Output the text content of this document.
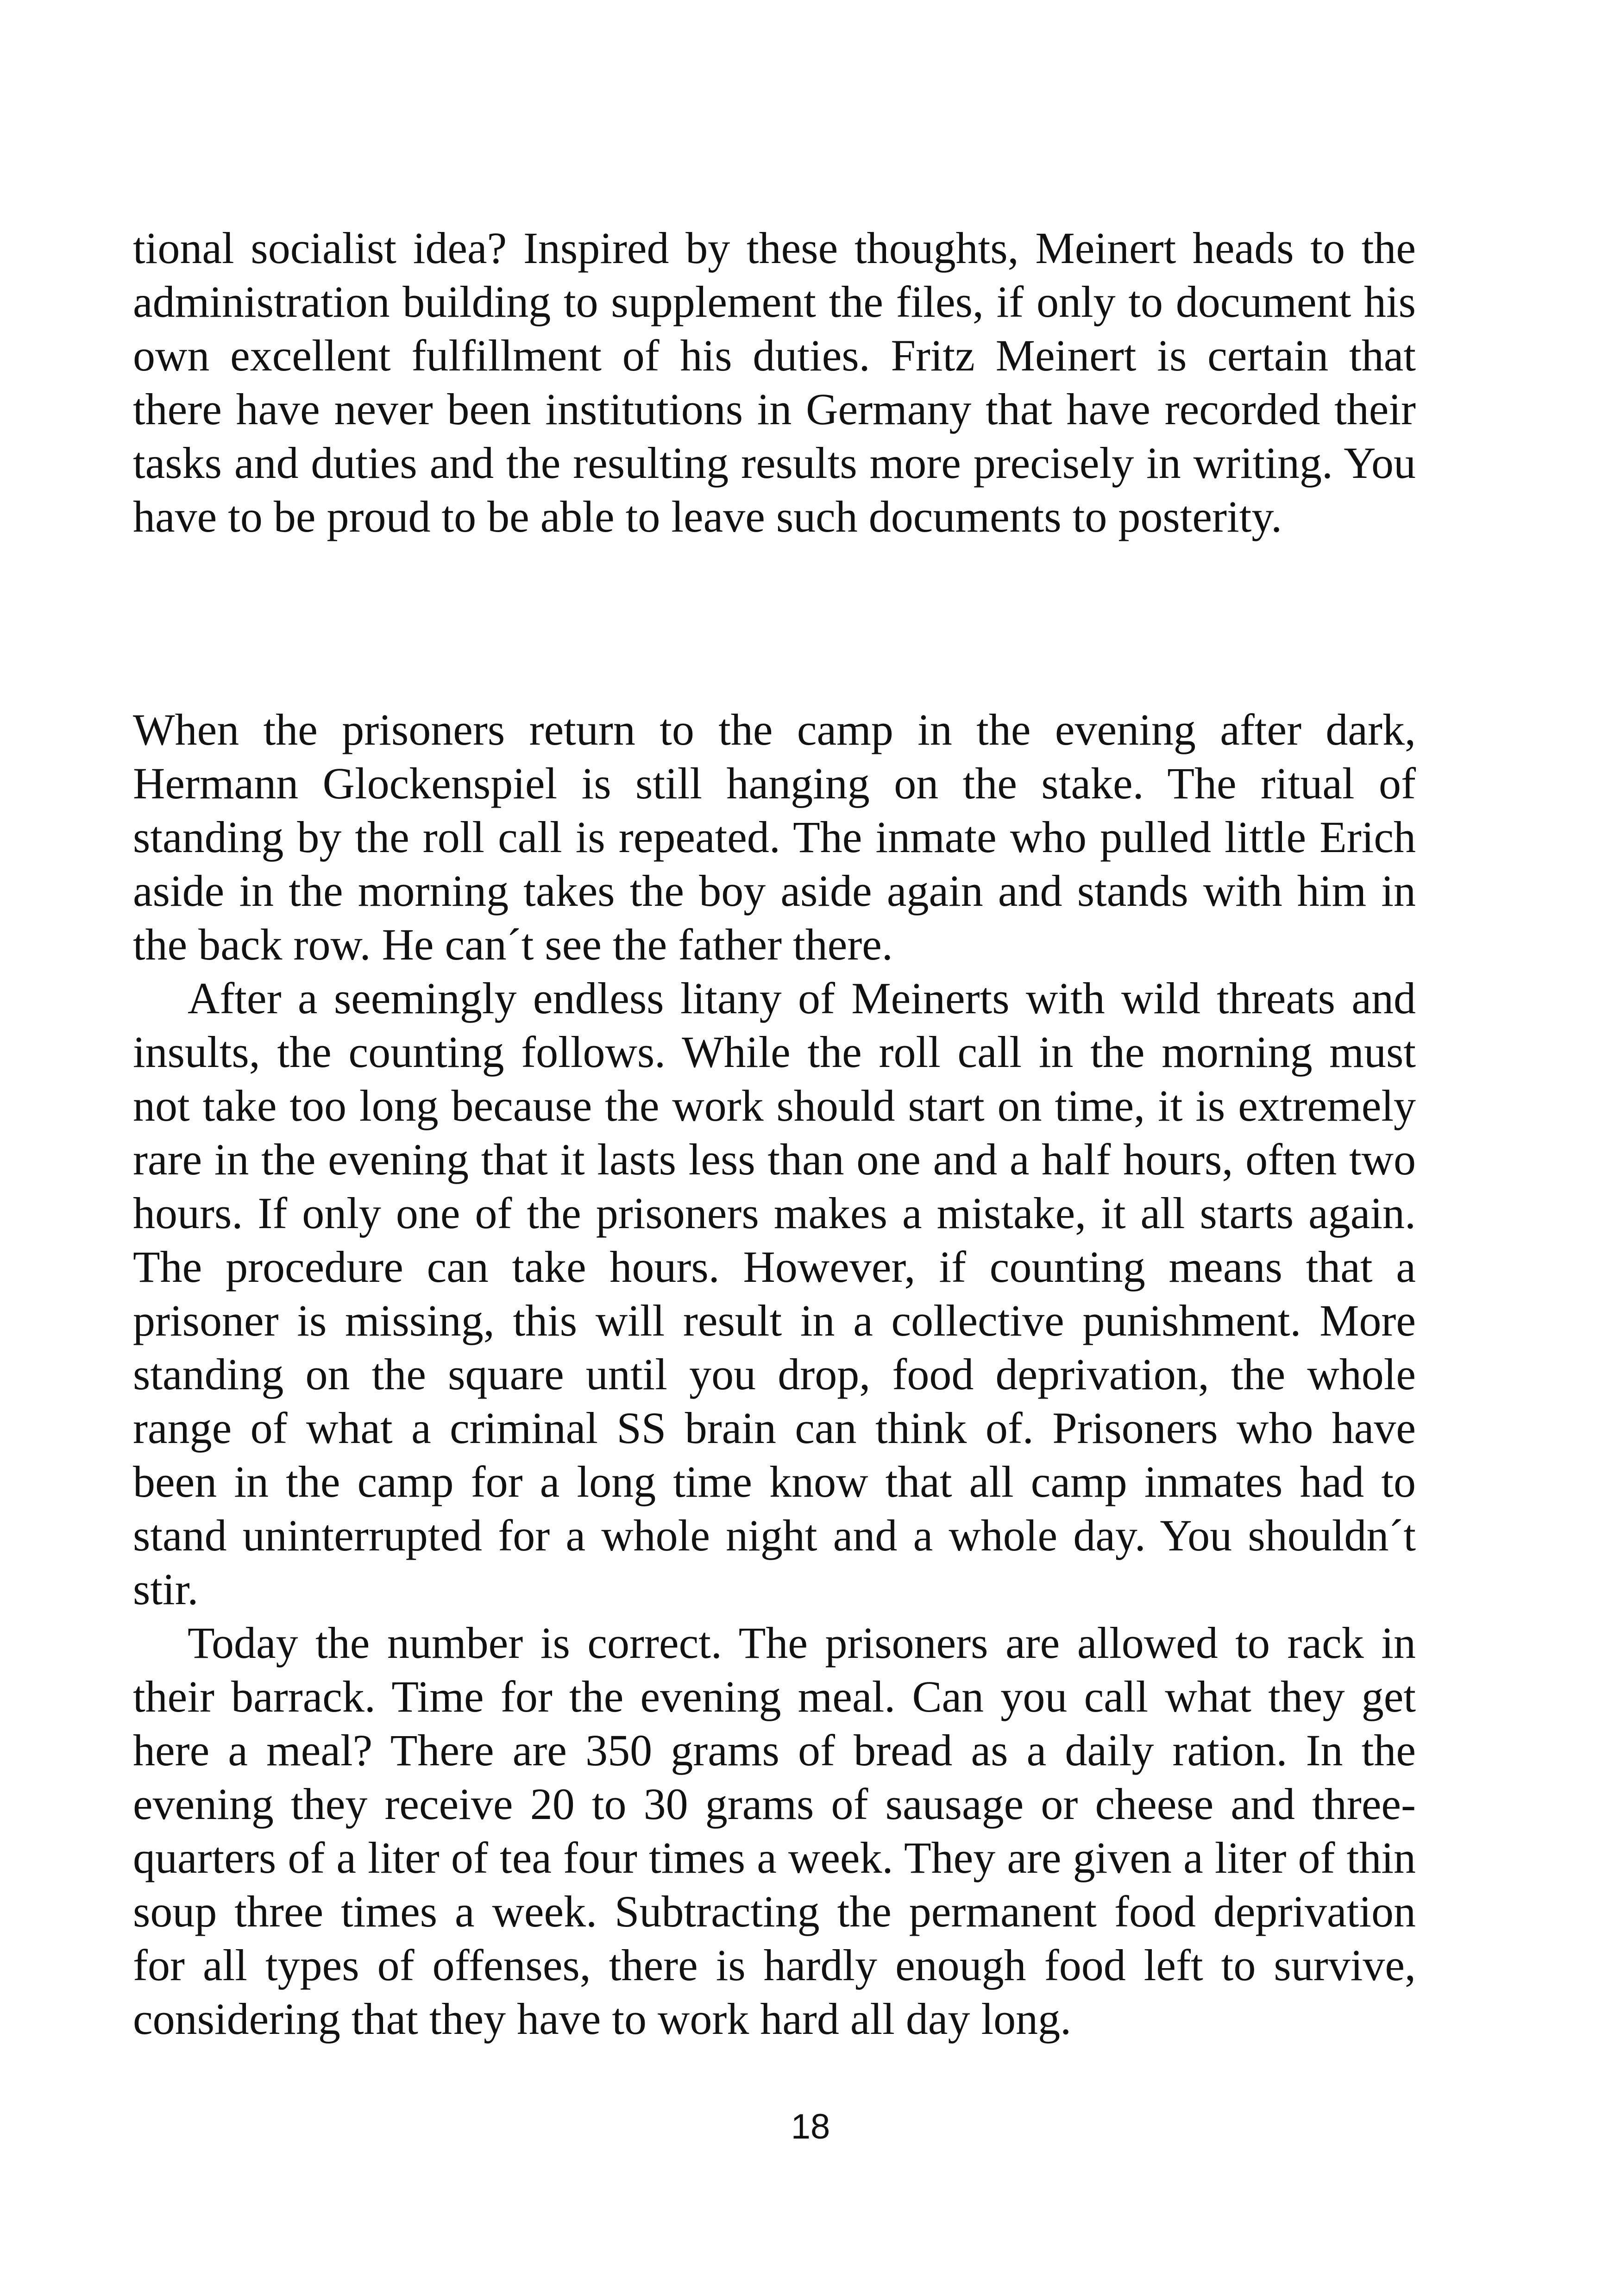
tional socialist idea? Inspired by these thoughts, Meinert heads to the administration building to supplement the files, if only to document his own excellent fulfillment of his duties. Fritz Meinert is certain that there have never been institutions in Germany that have recorded their tasks and duties and the resulting results more precisely in writing. You have to be proud to be able to leave such documents to posterity.

When the prisoners return to the camp in the evening after dark, Hermann Glockenspiel is still hanging on the stake. The ritual of standing by the roll call is repeated. The inmate who pulled little Erich aside in the morning takes the boy aside again and stands with him in the back row. He can´t see the father there.

After a seemingly endless litany of Meinerts with wild threats and insults, the counting follows. While the roll call in the morning must not take too long because the work should start on time, it is extremely rare in the evening that it lasts less than one and a half hours, often two hours. If only one of the prisoners makes a mistake, it all starts again. The procedure can take hours. However, if counting means that a prisoner is missing, this will result in a collective punishment. More standing on the square until you drop, food deprivation, the whole range of what a criminal SS brain can think of. Prisoners who have been in the camp for a long time know that all camp inmates had to stand uninterrupted for a whole night and a whole day. You shouldn´t stir.

Today the number is correct. The prisoners are allowed to rack in their barrack. Time for the evening meal. Can you call what they get here a meal? There are 350 grams of bread as a daily ration. In the evening they receive 20 to 30 grams of sausage or cheese and three-quarters of a liter of tea four times a week. They are given a liter of thin soup three times a week. Subtracting the permanent food deprivation for all types of offenses, there is hardly enough food left to survive, considering that they have to work hard all day long.

18
